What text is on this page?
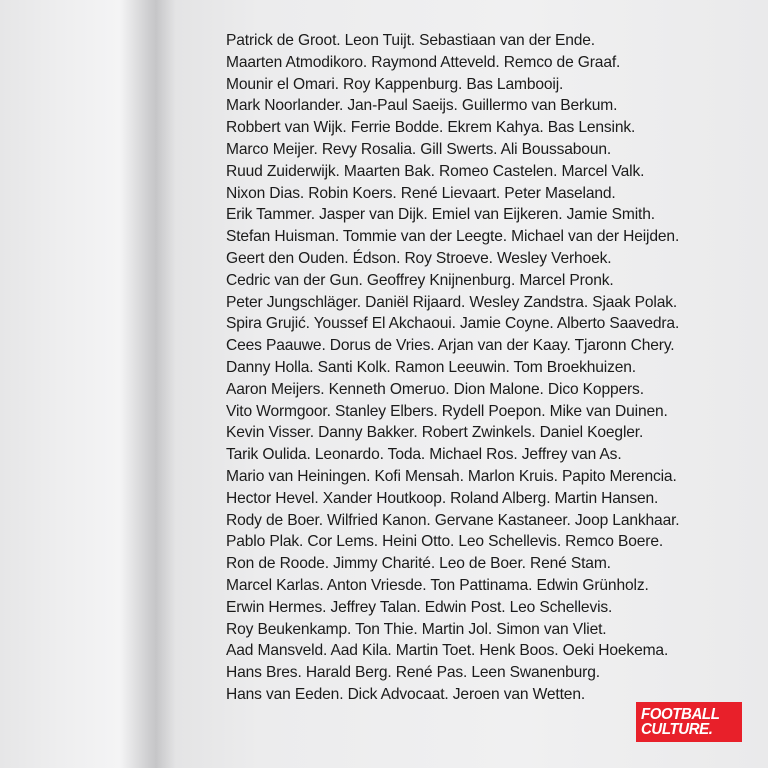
Patrick de Groot. Leon Tuijt. Sebastiaan van der Ende.
Maarten Atmodikoro. Raymond Atteveld. Remco de Graaf.
Mounir el Omari. Roy Kappenburg. Bas Lambooij.
Mark Noorlander. Jan-Paul Saeijs. Guillermo van Berkum.
Robbert van Wijk. Ferrie Bodde. Ekrem Kahya. Bas Lensink.
Marco Meijer. Revy Rosalia. Gill Swerts. Ali Boussaboun.
Ruud Zuiderwijk. Maarten Bak. Romeo Castelen. Marcel Valk.
Nixon Dias. Robin Koers. René Lievaart. Peter Maseland.
Erik Tammer. Jasper van Dijk. Emiel van Eijkeren. Jamie Smith.
Stefan Huisman. Tommie van der Leegte. Michael van der Heijden.
Geert den Ouden. Édson. Roy Stroeve. Wesley Verhoek.
Cedric van der Gun. Geoffrey Knijnenburg. Marcel Pronk.
Peter Jungschläger. Daniël Rijaard. Wesley Zandstra. Sjaak Polak.
Spira Grujić. Youssef El Akchaoui. Jamie Coyne. Alberto Saavedra.
Cees Paauwe. Dorus de Vries. Arjan van der Kaay. Tjaronn Chery.
Danny Holla. Santi Kolk. Ramon Leeuwin. Tom Broekhuizen.
Aaron Meijers. Kenneth Omeruo. Dion Malone. Dico Koppers.
Vito Wormgoor. Stanley Elbers. Rydell Poepon. Mike van Duinen.
Kevin Visser. Danny Bakker. Robert Zwinkels. Daniel Koegler.
Tarik Oulida. Leonardo. Toda. Michael Ros. Jeffrey van As.
Mario van Heiningen. Kofi Mensah. Marlon Kruis. Papito Merencia.
Hector Hevel. Xander Houtkoop. Roland Alberg. Martin Hansen.
Rody de Boer. Wilfried Kanon. Gervane Kastaneer. Joop Lankhaar.
Pablo Plak. Cor Lems. Heini Otto. Leo Schellevis. Remco Boere.
Ron de Roode. Jimmy Charité. Leo de Boer. René Stam.
Marcel Karlas. Anton Vriesde. Ton Pattinama. Edwin Grünholz.
Erwin Hermes. Jeffrey Talan. Edwin Post. Leo Schellevis.
Roy Beukenkamp. Ton Thie. Martin Jol. Simon van Vliet.
Aad Mansveld. Aad Kila. Martin Toet. Henk Boos. Oeki Hoekema.
Hans Bres. Harald Berg. René Pas. Leen Swanenburg.
Hans van Eeden. Dick Advocaat. Jeroen van Wetten.
FOOTBALL
CULTURE.
